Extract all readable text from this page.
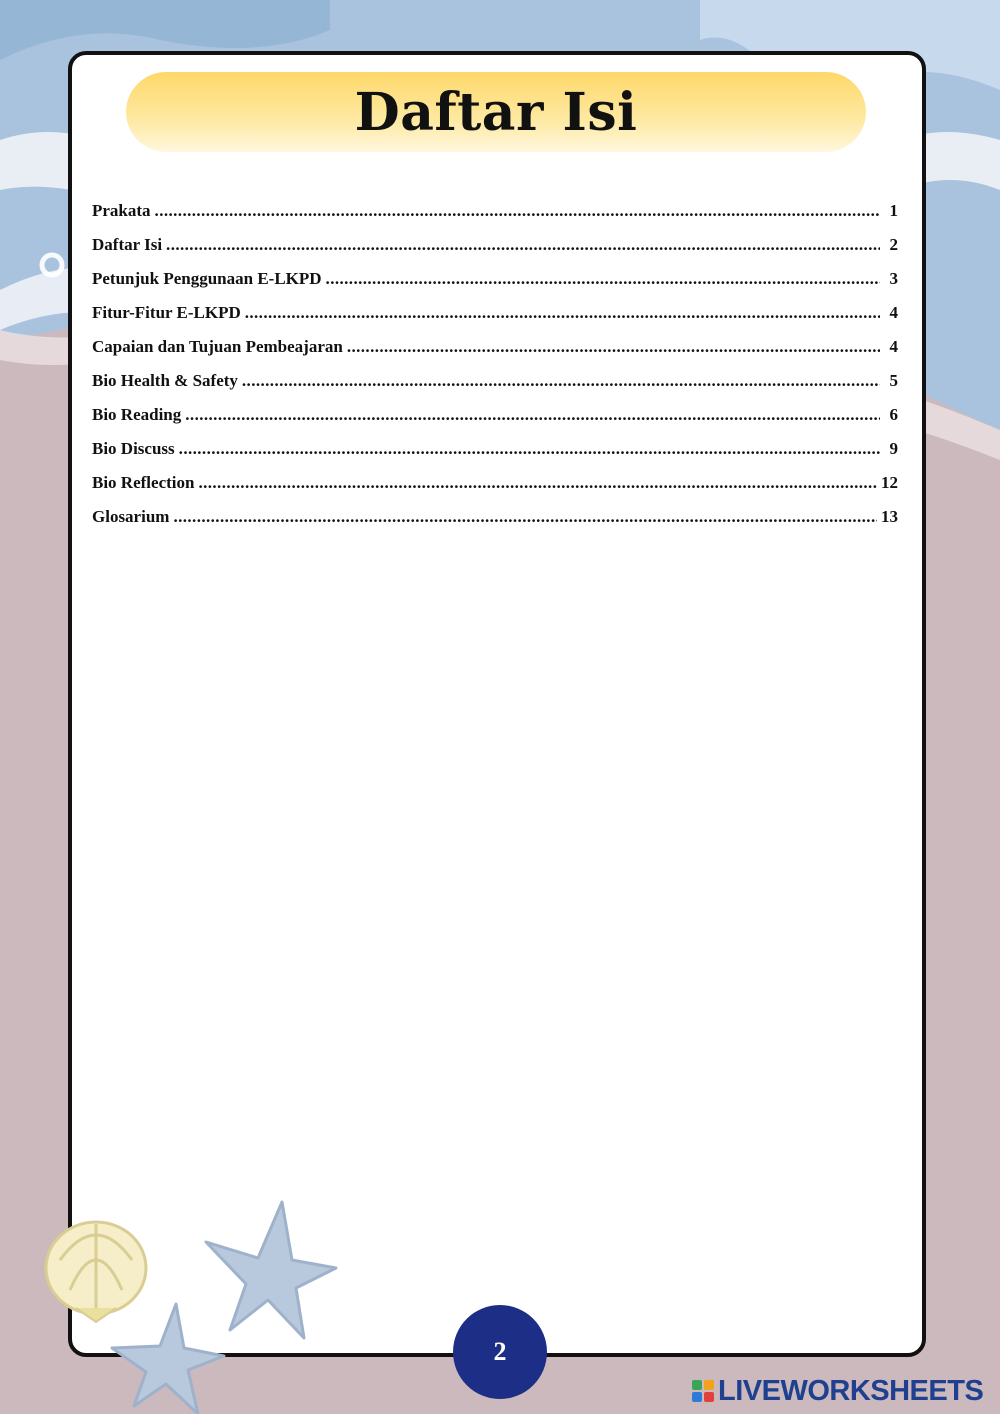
Daftar Isi
Prakata .....	1
Daftar Isi .....	2
Petunjuk Penggunaan E-LKPD .....	3
Fitur-Fitur E-LKPD .....	4
Capaian dan Tujuan Pembeajaran .....	4
Bio Health & Safety .....	5
Bio Reading .....	6
Bio Discuss .....	9
Bio Reflection .....	12
Glosarium .....	13
2
LIVEWORKSHEETS
